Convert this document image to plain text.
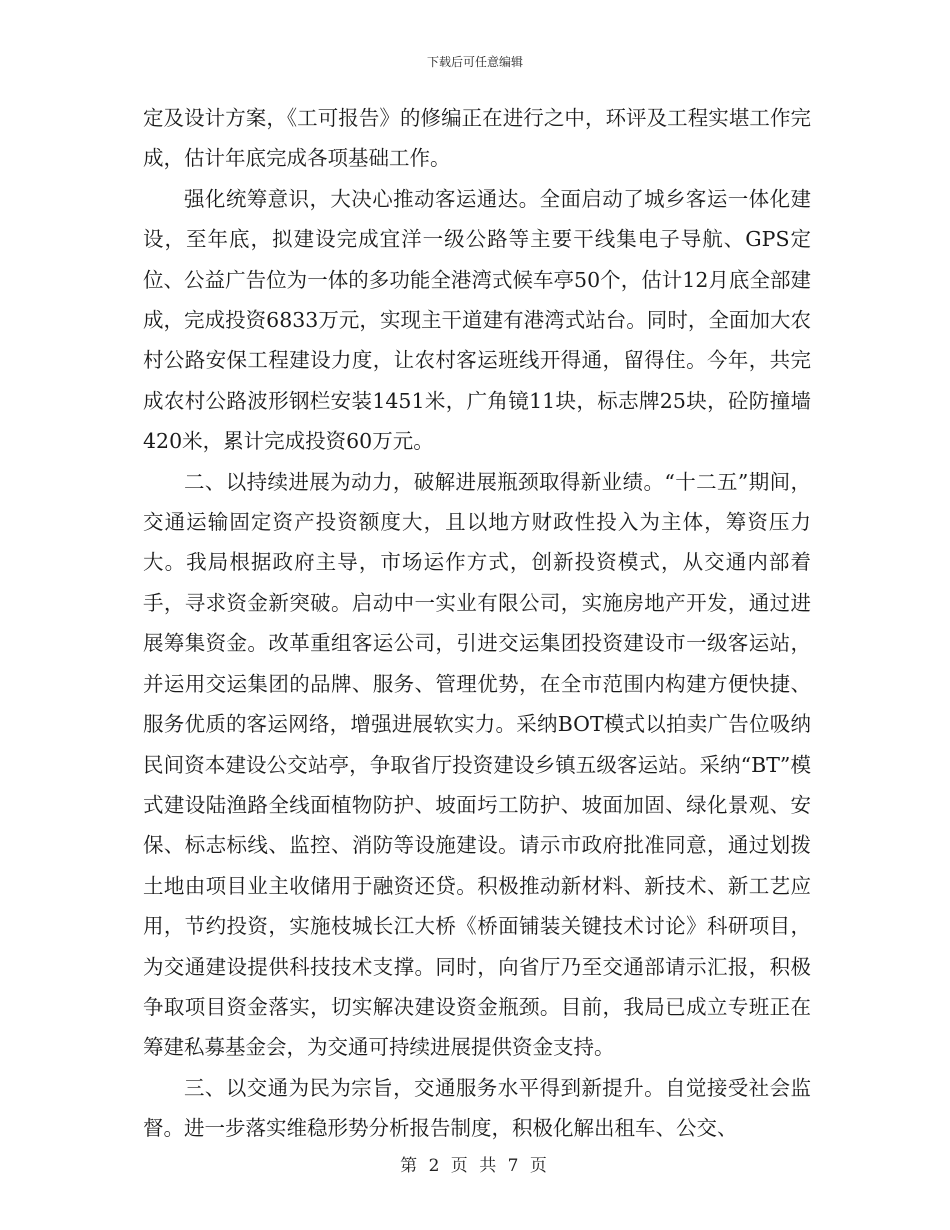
下载后可任意编辑

定及设计方案，《工可报告》的修编正在进行之中，环评及工程实堪工作完成，估计年底完成各项基础工作。

强化统筹意识，大决心推动客运通达。全面启动了城乡客运一体化建设，至年底，拟建设完成宜洋一级公路等主要干线集电子导航、GPS定位、公益广告位为一体的多功能全港湾式候车亭50个，估计12月底全部建成，完成投资6833万元，实现主干道建有港湾式站台。同时，全面加大农村公路安保工程建设力度，让农村客运班线开得通，留得住。今年，共完成农村公路波形钢栏安装1451米，广角镜11块，标志牌25块，砼防撞墙420米，累计完成投资60万元。

二、以持续进展为动力，破解进展瓶颈取得新业绩。“十二五”期间，交通运输固定资产投资额度大，且以地方财政性投入为主体，筹资压力大。我局根据政府主导，市场运作方式，创新投资模式，从交通内部着手，寻求资金新突破。启动中一实业有限公司，实施房地产开发，通过进展筹集资金。改革重组客运公司，引进交运集团投资建设市一级客运站，并运用交运集团的品牌、服务、管理优势，在全市范围内构建方便快捷、服务优质的客运网络，增强进展软实力。采纳BOT模式以拍卖广告位吸纳民间资本建设公交站亭，争取省厅投资建设乡镇五级客运站。采纳“BT”模式建设陆渔路全线面植物防护、坡面圬工防护、坡面加固、绿化景观、安保、标志标线、监控、消防等设施建设。请示市政府批准同意，通过划拨土地由项目业主收储用于融资还贷。积极推动新材料、新技术、新工艺应用，节约投资，实施枝城长江大桥《桥面铺装关键技术讨论》科研项目，为交通建设提供科技技术支撑。同时，向省厅乃至交通部请示汇报，积极争取项目资金落实，切实解决建设资金瓶颈。目前，我局已成立专班正在筹建私募基金会，为交通可持续进展提供资金支持。

三、以交通为民为宗旨，交通服务水平得到新提升。自觉接受社会监督。进一步落实维稳形势分析报告制度，积极化解出租车、公交、

第 2 页 共 7 页
